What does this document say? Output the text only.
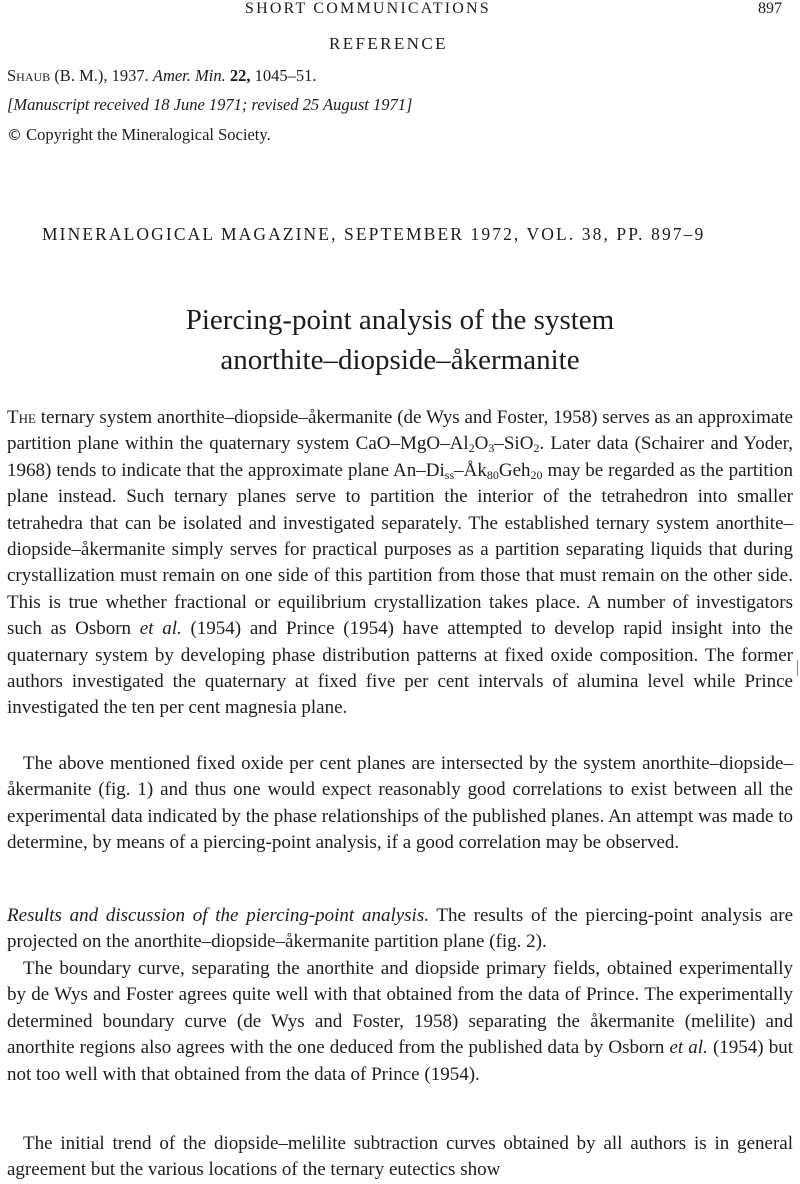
SHORT COMMUNICATIONS	897
REFERENCE
Shaub (B. M.), 1937. Amer. Min. 22, 1045–51.
[Manuscript received 18 June 1971; revised 25 August 1971]
© Copyright the Mineralogical Society.
MINERALOGICAL MAGAZINE, SEPTEMBER 1972, VOL. 38, PP. 897–9
Piercing-point analysis of the system
anorthite–diopside–åkermanite

The ternary system anorthite–diopside–åkermanite (de Wys and Foster, 1958) serves as an approximate partition plane within the quaternary system CaO–$MgO-Al_2O_3-SiO_2$. Later data (Schairer and Yoder, 1968) tends to indicate that the approximate plane $An-Di_{ss}-Åk_{80}Geh_{20}$ may be regarded as the partition plane instead. Such ternary planes serve to partition the interior of the tetrahedron into smaller tetrahedra that can be isolated and investigated separately. The established ternary system anorthite–diopside–åkermanite simply serves for practical purposes as a partition separating liquids that during crystallization must remain on one side of this partition from those that must remain on the other side. This is true whether fractional or equilibrium crystallization takes place. A number of investigators such as Osborn et al. (1954) and Prince (1954) have attempted to develop rapid insight into the quaternary system by developing phase distribution patterns at fixed oxide composition. The former authors investigated the quaternary at fixed five per cent intervals of alumina level while Prince investigated the ten per cent magnesia plane.

The above mentioned fixed oxide per cent planes are intersected by the system anorthite–diopside–åkermanite (fig. 1) and thus one would expect reasonably good correlations to exist between all the experimental data indicated by the phase relationships of the published planes. An attempt was made to determine, by means of a piercing-point analysis, if a good correlation may be observed.

Results and discussion of the piercing-point analysis. The results of the piercing-point analysis are projected on the anorthite–diopside–åkermanite partition plane (fig. 2).

The boundary curve, separating the anorthite and diopside primary fields, obtained experimentally by de Wys and Foster agrees quite well with that obtained from the data of Prince. The experimentally determined boundary curve (de Wys and Foster, 1958) separating the åkermanite (melilite) and anorthite regions also agrees with the one deduced from the published data by Osborn et al. (1954) but not too well with that obtained from the data of Prince (1954).

The initial trend of the diopside–melilite subtraction curves obtained by all authors is in general agreement but the various locations of the ternary eutectics show
